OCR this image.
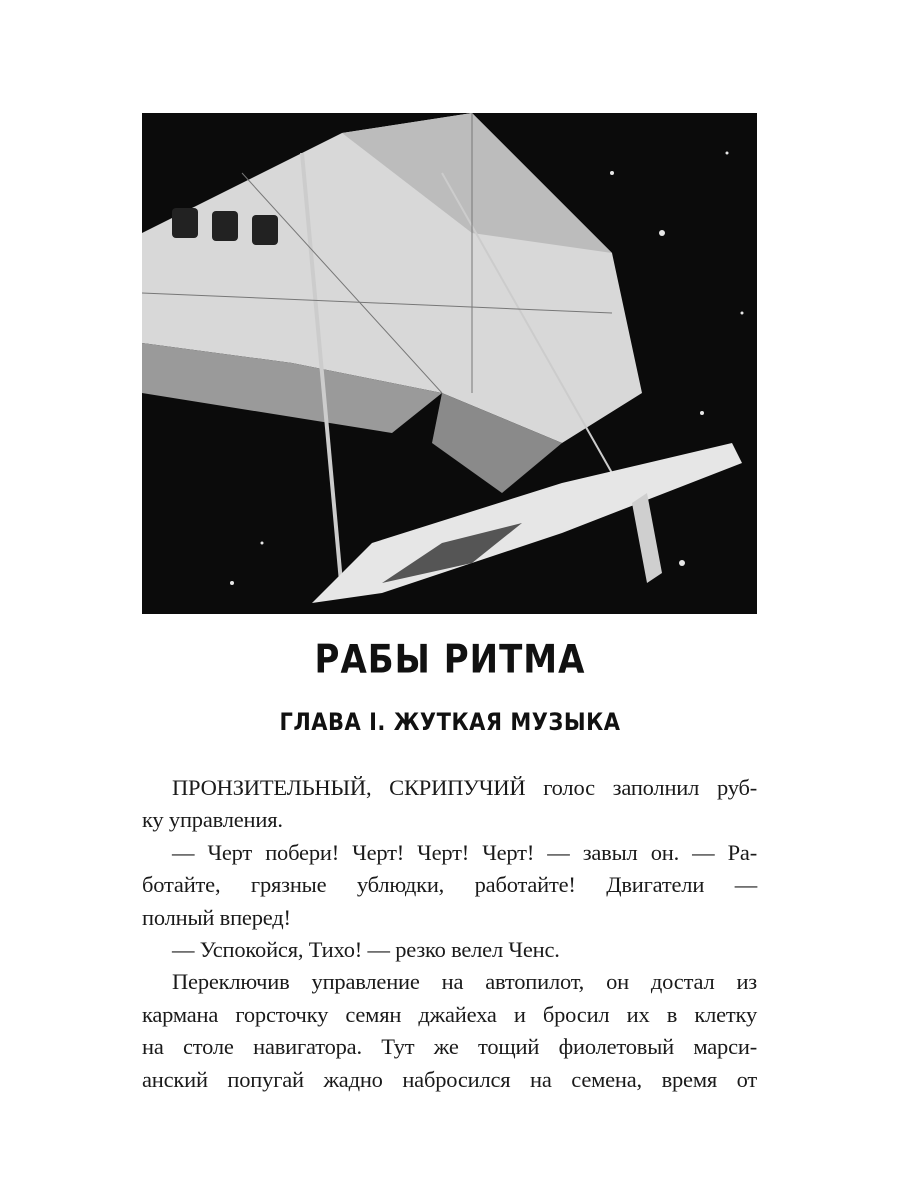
РАБЫ РИТМА
ГЛАВА I. ЖУТКАЯ МУЗЫКА
ПРОНЗИТЕЛЬНЫЙ, СКРИПУЧИЙ голос заполнил руб-
ку управления.
— Черт побери! Черт! Черт! Черт! — завыл он. — Ра-
ботайте, грязные ублюдки, работайте! Двигатели —
полный вперед!
— Успокойся, Тихо! — резко велел Ченс.
Переключив управление на автопилот, он достал из
кармана горсточку семян джайеха и бросил их в клетку
на столе навигатора. Тут же тощий фиолетовый марси-
анский попугай жадно набросился на семена, время от
